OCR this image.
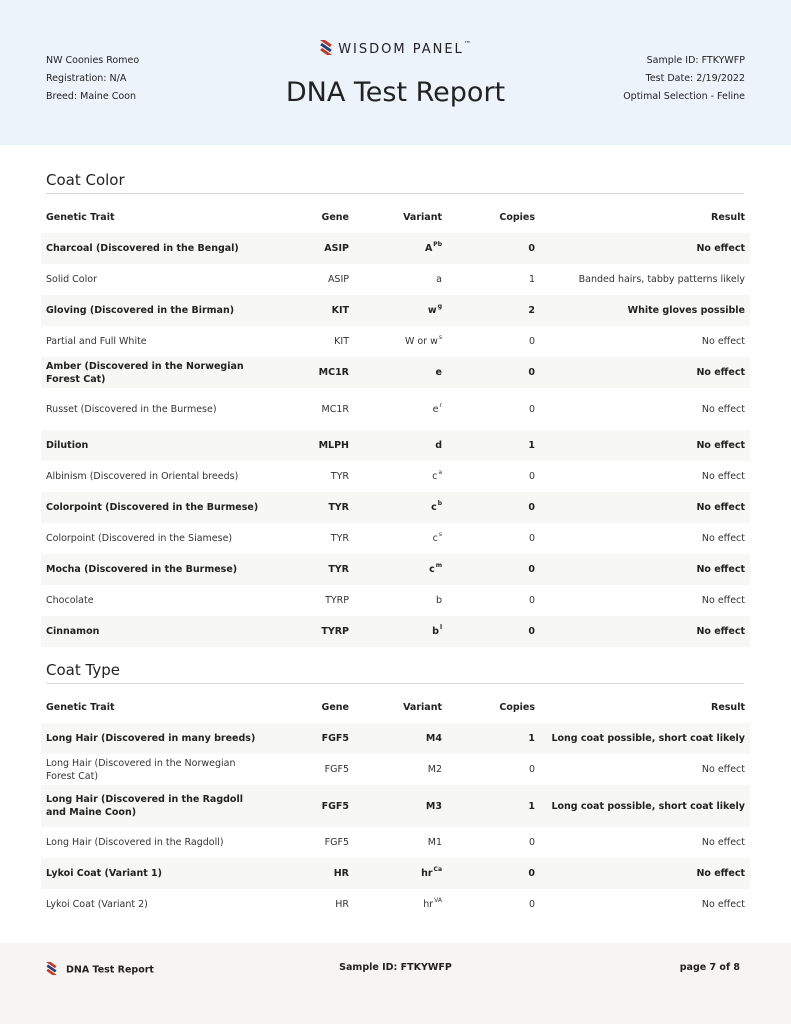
NW Coonies Romeo
Registration: N/A
Breed: Maine Coon
WISDOM PANEL™
DNA Test Report
Sample ID: FTKYWFP
Test Date: 2/19/2022
Optimal Selection - Feline
Coat Color
Genetic Trait	Gene	Variant	Copies	Result
Charcoal (Discovered in the Bengal)	ASIP	$A^{Pb}$	0	No effect
Solid Color	ASIP	a	1	Banded hairs, tabby patterns likely
Gloving (Discovered in the Birman)	KIT	$w^g$	2	White gloves possible
Partial and Full White	KIT	W or $w^s$	0	No effect
Amber (Discovered in the Norwegian Forest Cat)	MC1R	e	0	No effect
Russet (Discovered in the Burmese)	MC1R	$e^r$	0	No effect
Dilution	MLPH	d	1	No effect
Albinism (Discovered in Oriental breeds)	TYR	$c^a$	0	No effect
Colorpoint (Discovered in the Burmese)	TYR	$c^b$	0	No effect
Colorpoint (Discovered in the Siamese)	TYR	$c^s$	0	No effect
Mocha (Discovered in the Burmese)	TYR	$c^m$	0	No effect
Chocolate	TYRP	b	0	No effect
Cinnamon	TYRP	$b^l$	0	No effect
Coat Type
Genetic Trait	Gene	Variant	Copies	Result
Long Hair (Discovered in many breeds)	FGF5	M4	1	Long coat possible, short coat likely
Long Hair (Discovered in the Norwegian Forest Cat)	FGF5	M2	0	No effect
Long Hair (Discovered in the Ragdoll and Maine Coon)	FGF5	M3	1	Long coat possible, short coat likely
Long Hair (Discovered in the Ragdoll)	FGF5	M1	0	No effect
Lykoi Coat (Variant 1)	HR	$hr^{Ca}$	0	No effect
Lykoi Coat (Variant 2)	HR	$hr^{VA}$	0	No effect
DNA Test Report	Sample ID: FTKYWFP	page 7 of 8
